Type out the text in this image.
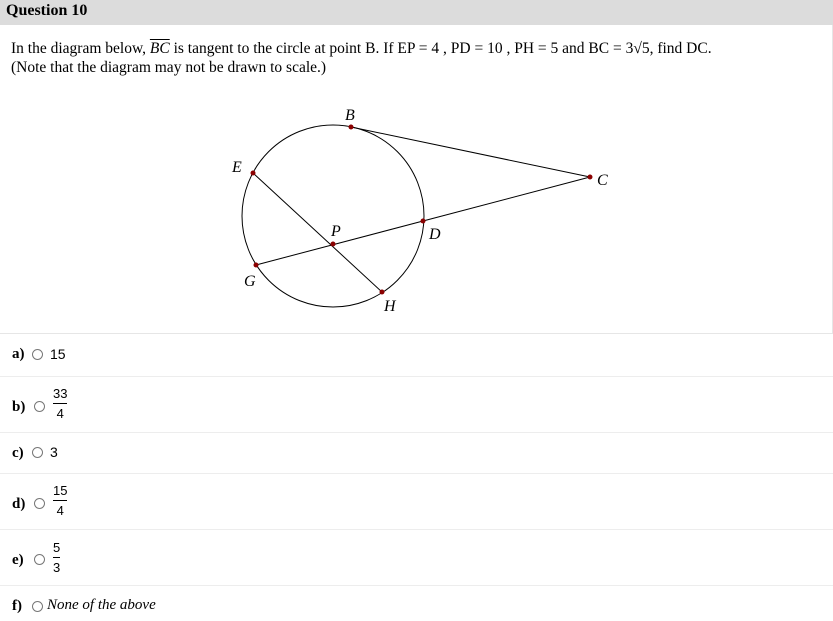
Question 10
In the diagram below, $\overline{BC}$ is tangent to the circle at point B. If EP = 4 , PD = 10 , PH = 5 and BC = 3√5, find DC.
(Note that the diagram may not be drawn to scale.)
B
C
E
P	D
G
H
a) 15
b)
33
4
c) 3
d)
15
4
e)
5
3
f) None of the above
